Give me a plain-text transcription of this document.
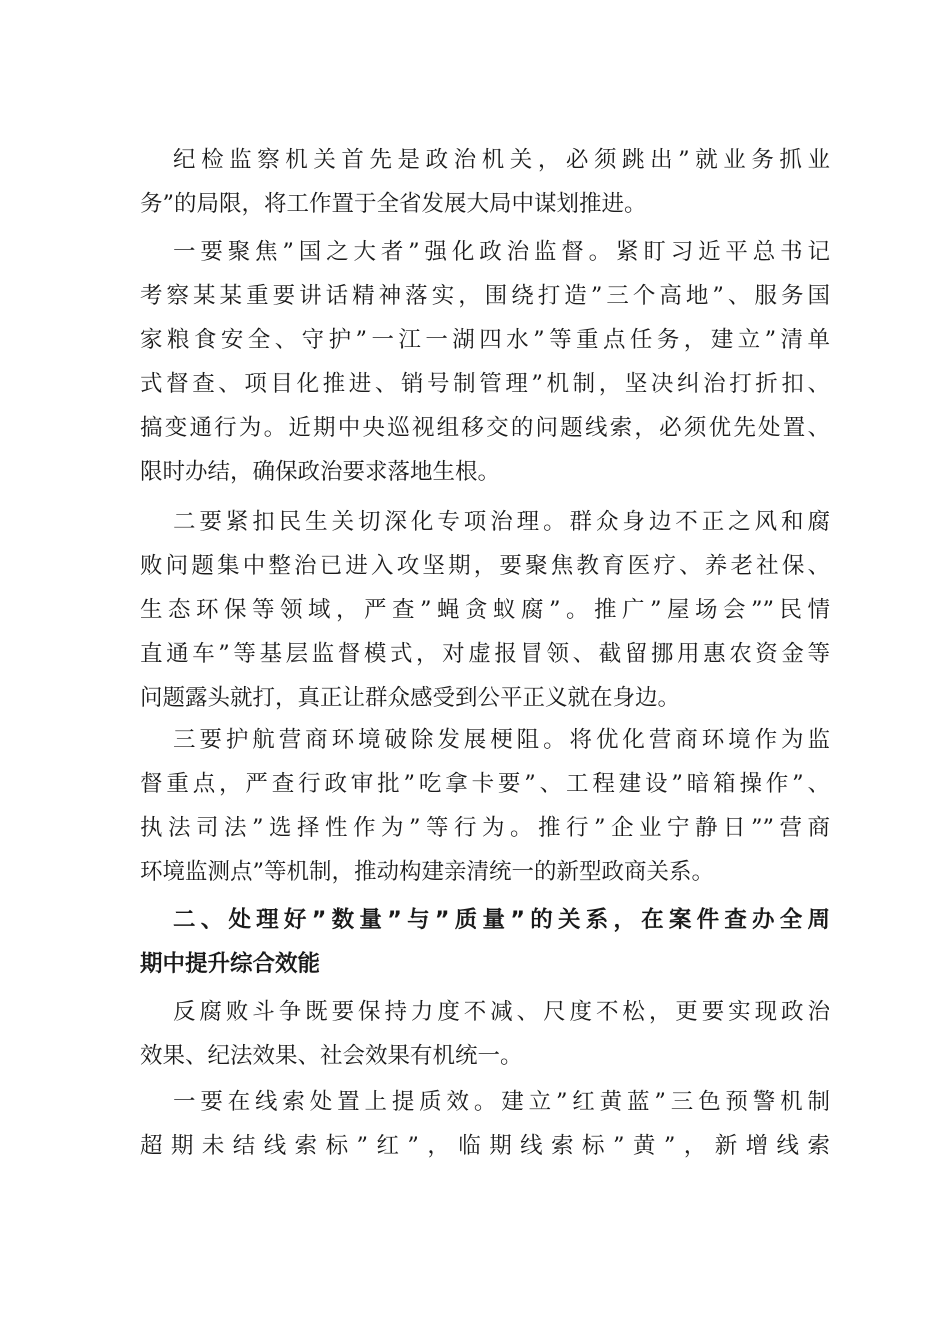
纪检监察机关首先是政治机关，必须跳出”就业务抓业
务”的局限，将工作置于全省发展大局中谋划推进。
一要聚焦”国之大者”强化政治监督。紧盯习近平总书记
考察某某重要讲话精神落实，围绕打造”三个高地”、服务国
家粮食安全、守护”一江一湖四水”等重点任务，建立”清单
式督查、项目化推进、销号制管理”机制，坚决纠治打折扣、
搞变通行为。近期中央巡视组移交的问题线索，必须优先处置、
限时办结，确保政治要求落地生根。
二要紧扣民生关切深化专项治理。群众身边不正之风和腐
败问题集中整治已进入攻坚期，要聚焦教育医疗、养老社保、
生态环保等领域，严查”蝇贪蚁腐”。推广”屋场会””民情
直通车”等基层监督模式，对虚报冒领、截留挪用惠农资金等
问题露头就打，真正让群众感受到公平正义就在身边。
三要护航营商环境破除发展梗阻。将优化营商环境作为监
督重点，严查行政审批”吃拿卡要”、工程建设”暗箱操作”、
执法司法”选择性作为”等行为。推行”企业宁静日””营商
环境监测点”等机制，推动构建亲清统一的新型政商关系。
二、处理好”数量”与”质量”的关系，在案件查办全周
期中提升综合效能
反腐败斗争既要保持力度不减、尺度不松，更要实现政治
效果、纪法效果、社会效果有机统一。
一要在线索处置上提质效。建立”红黄蓝”三色预警机制
超期未结线索标”红”，临期线索标”黄”，新增线索
